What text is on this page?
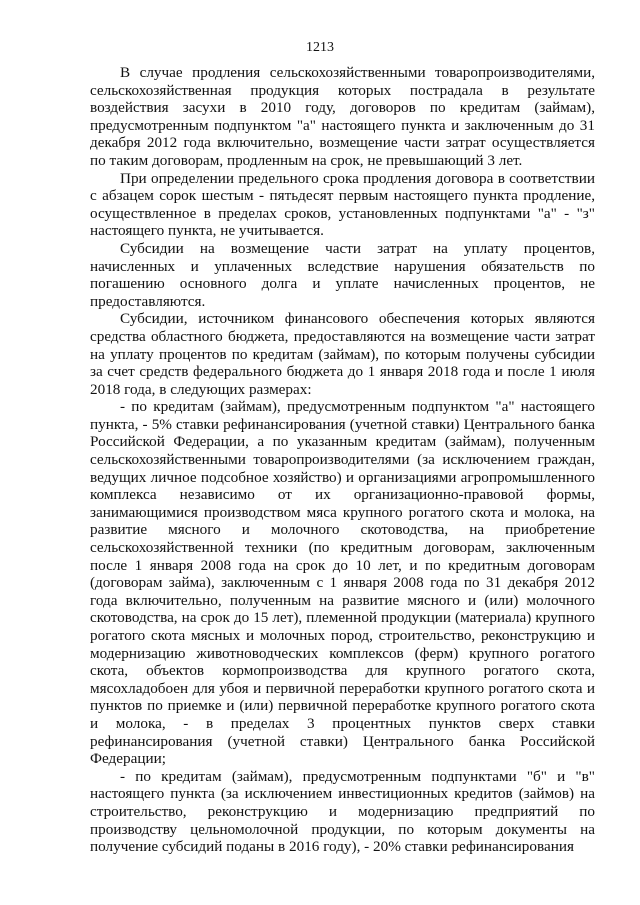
1213

В случае продления сельскохозяйственными товаропроизводителями, сельскохозяйственная продукция которых пострадала в результате воздействия засухи в 2010 году, договоров по кредитам (займам), предусмотренным подпунктом "а" настоящего пункта и заключенным до 31 декабря 2012 года включительно, возмещение части затрат осуществляется по таким договорам, продленным на срок, не превышающий 3 лет.

При определении предельного срока продления договора в соответствии с абзацем сорок шестым - пятьдесят первым настоящего пункта продление, осуществленное в пределах сроков, установленных подпунктами "а" - "з" настоящего пункта, не учитывается.

Субсидии на возмещение части затрат на уплату процентов, начисленных и уплаченных вследствие нарушения обязательств по погашению основного долга и уплате начисленных процентов, не предоставляются.

Субсидии, источником финансового обеспечения которых являются средства областного бюджета, предоставляются на возмещение части затрат на уплату процентов по кредитам (займам), по которым получены субсидии за счет средств федерального бюджета до 1 января 2018 года и после 1 июля 2018 года, в следующих размерах:

- по кредитам (займам), предусмотренным подпунктом "а" настоящего пункта, - 5% ставки рефинансирования (учетной ставки) Центрального банка Российской Федерации, а по указанным кредитам (займам), полученным сельскохозяйственными товаропроизводителями (за исключением граждан, ведущих личное подсобное хозяйство) и организациями агропромышленного комплекса независимо от их организационно-правовой формы, занимающимися производством мяса крупного рогатого скота и молока, на развитие мясного и молочного скотоводства, на приобретение сельскохозяйственной техники (по кредитным договорам, заключенным после 1 января 2008 года на срок до 10 лет, и по кредитным договорам (договорам займа), заключенным с 1 января 2008 года по 31 декабря 2012 года включительно, полученным на развитие мясного и (или) молочного скотоводства, на срок до 15 лет), племенной продукции (материала) крупного рогатого скота мясных и молочных пород, строительство, реконструкцию и модернизацию животноводческих комплексов (ферм) крупного рогатого скота, объектов кормопроизводства для крупного рогатого скота, мясохладобоен для убоя и первичной переработки крупного рогатого скота и пунктов по приемке и (или) первичной переработке крупного рогатого скота и молока, - в пределах 3 процентных пунктов сверх ставки рефинансирования (учетной ставки) Центрального банка Российской Федерации;

- по кредитам (займам), предусмотренным подпунктами "б" и "в" настоящего пункта (за исключением инвестиционных кредитов (займов) на строительство, реконструкцию и модернизацию предприятий по производству цельномолочной продукции, по которым документы на получение субсидий поданы в 2016 году), - 20% ставки рефинансирования
